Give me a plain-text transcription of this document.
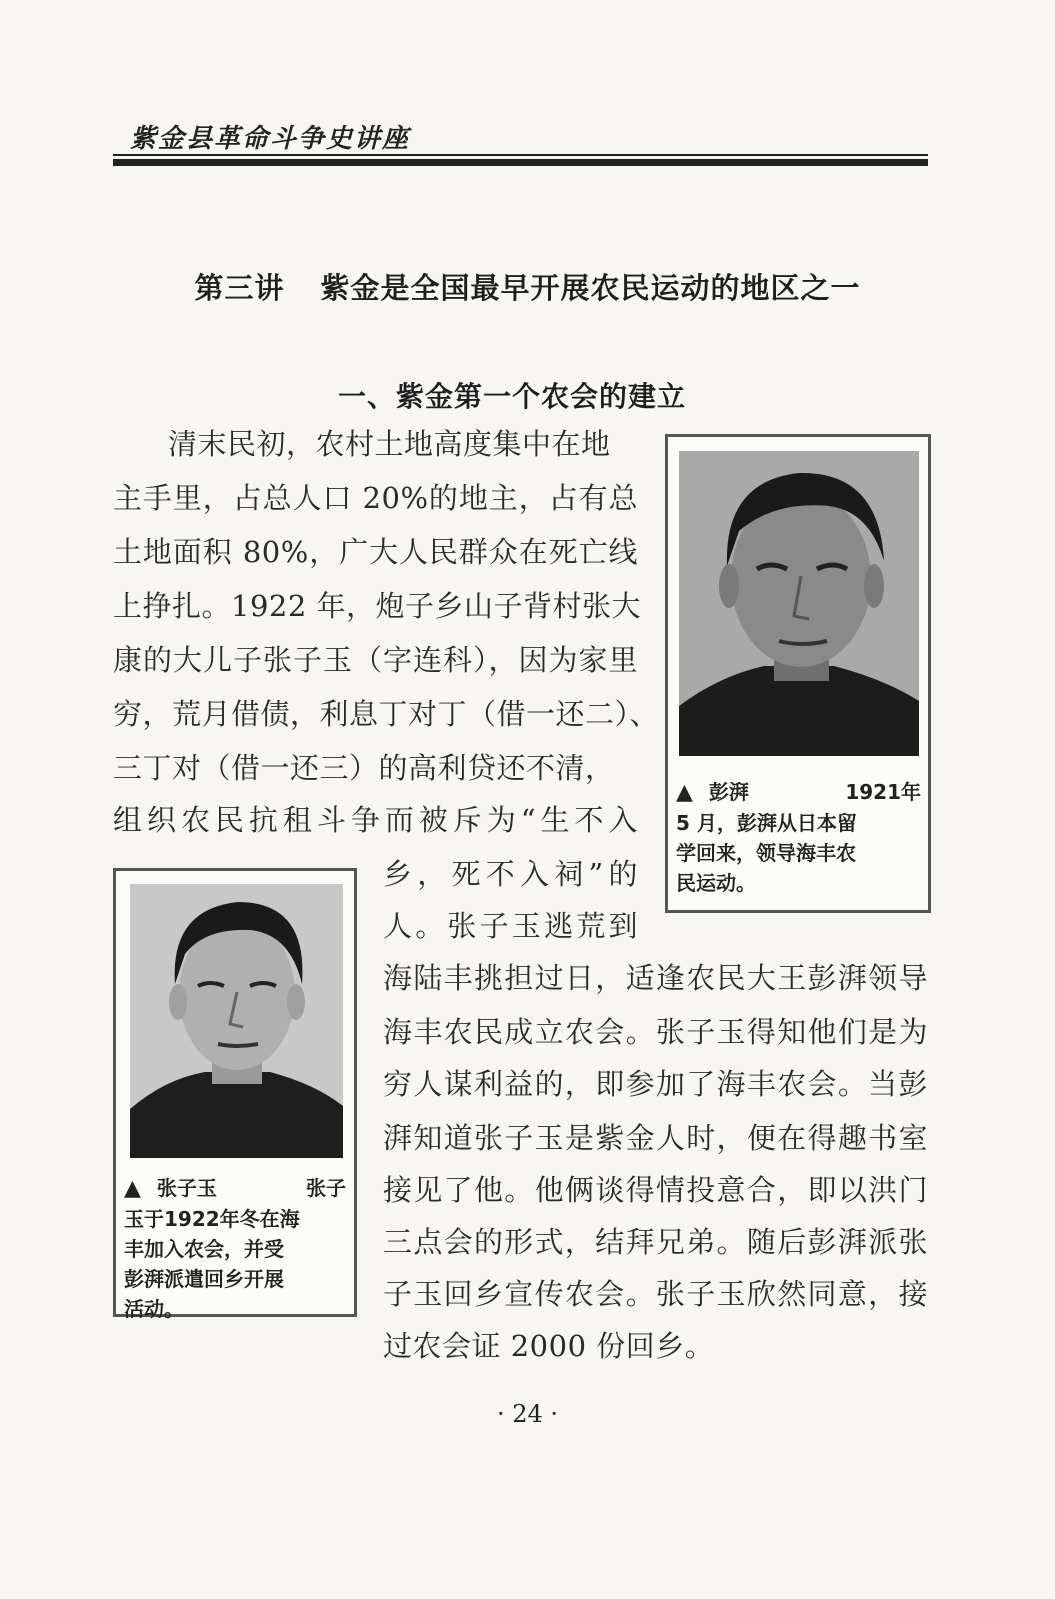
紫金县革命斗争史讲座
第三讲 紫金是全国最早开展农民运动的地区之一
一、紫金第一个农会的建立
清末民初，农村土地高度集中在地
主手里，占总人口 20%的地主，占有总
土地面积 80%，广大人民群众在死亡线
上挣扎。1922 年，炮子乡山子背村张大
康的大儿子张子玉（字连科），因为家里
穷，荒月借债，利息丁对丁（借一还二）、
三丁对（借一还三）的高利贷还不清，
组织农民抗租斗争而被斥为“生不入
乡，死不入祠”的
人。张子玉逃荒到
海陆丰挑担过日，适逢农民大王彭湃领导
海丰农民成立农会。张子玉得知他们是为
穷人谋利益的，即参加了海丰农会。当彭
湃知道张子玉是紫金人时，便在得趣书室
接见了他。他俩谈得情投意合，即以洪门
三点会的形式，结拜兄弟。随后彭湃派张
子玉回乡宣传农会。张子玉欣然同意，接
过农会证 2000 份回乡。
▲ 彭湃	1921年
5 月，彭湃从日本留
学回来，领导海丰农
民运动。
▲ 张子玉	张子
玉于1922年冬在海
丰加入农会，并受
彭湃派遣回乡开展
活动。
· 24 ·
